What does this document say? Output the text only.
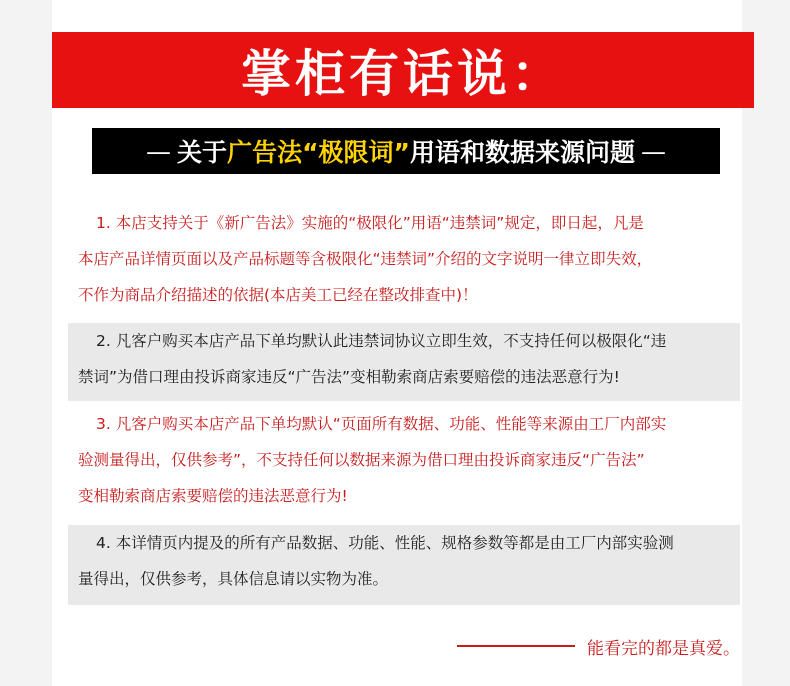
掌柜有话说：
— 关于 广告法“极限词” 用语和数据来源问题 —

1. 本店支持关于《新广告法》实施的“极限化”用语“违禁词”规定，即日起，凡是

本店产品详情页面以及产品标题等含极限化“违禁词”介绍的文字说明一律立即失效，

不作为商品介绍描述的依据(本店美工已经在整改排查中)！

2. 凡客户购买本店产品下单均默认此违禁词协议立即生效，不支持任何以极限化“违

禁词”为借口理由投诉商家违反“广告法”变相勒索商店索要赔偿的违法恶意行为!

3. 凡客户购买本店产品下单均默认“页面所有数据、功能、性能等来源由工厂内部实

验测量得出，仅供参考”，不支持任何以数据来源为借口理由投诉商家违反“广告法”

变相勒索商店索要赔偿的违法恶意行为!

4. 本详情页内提及的所有产品数据、功能、性能、规格参数等都是由工厂内部实验测

量得出，仅供参考，具体信息请以实物为准。

能看完的都是真爱。
